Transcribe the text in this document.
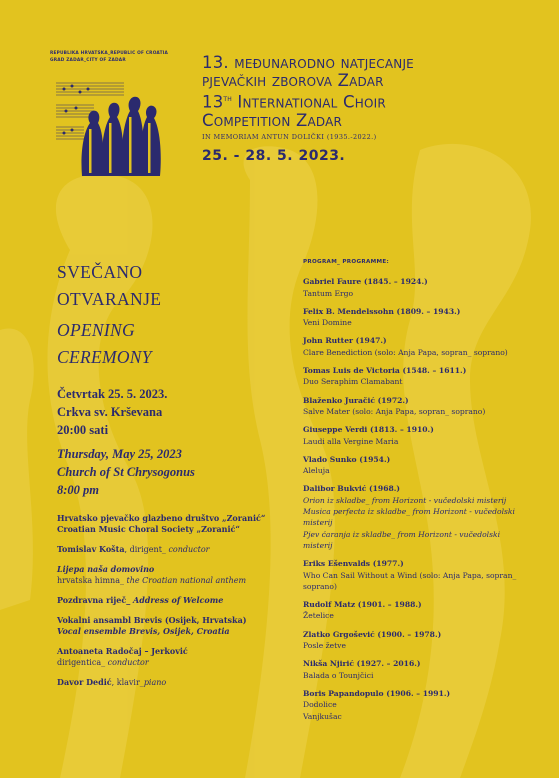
REPUBLIKA HRVATSKA_REPUBLIC OF CROATIA
GRAD ZADAR_CITY OF ZADAR	13. međunarodno natjecanje
pjevačkih zborova Zadar
13th International Choir
Competition Zadar
IN MEMORIAM ANTUN DOLIČKI (1935.-2022.)
25. - 28. 5. 2023.
SVEČANO
OTVARANJE
OPENING
CEREMONY
Četvrtak 25. 5. 2023.
Crkva sv. Krševana
20:00 sati
Thursday, May 25, 2023
Church of St Chrysogonus
8:00 pm
Hrvatsko pjevačko glazbeno društvo „Zoranić“
Croatian Music Choral Society „Zoranić“
Tomislav Košta, dirigent_ conductor
Lijepa naša domovino
hrvatska himna_ the Croatian national anthem
Pozdravna riječ_ Address of Welcome
Vokalni ansambl Brevis (Osijek, Hrvatska)
Vocal ensemble Brevis, Osijek, Croatia
Antoaneta Radočaj – Jerković
dirigentica_ conductor
Davor Dedić, klavir_piano
PROGRAM_ PROGRAMME:
Gabriel Faure (1845. – 1924.)
Tantum Ergo
Felix B. Mendelssohn (1809. – 1943.)
Veni Domine
John Rutter (1947.)
Clare Benediction (solo: Anja Papa, sopran_ soprano)
Tomas Luis de Victoria (1548. – 1611.)
Duo Seraphim Clamabant
Blaženko Juračić (1972.)
Salve Mater (solo: Anja Papa, sopran_ soprano)
Giuseppe Verdi (1813. – 1910.)
Laudi alla Vergine Maria
Vlado Sunko (1954.)
Aleluja
Dalibor Bukvić (1968.)
Orion iz skladbe_ from Horizont - vučedolski misterij
Musica perfecta iz skladbe_ from Horizont - vučedolski misterij
Pjev ćaranja iz skladbe_ from Horizont - vučedolski misterij
Eriks Ešenvalds (1977.)
Who Can Sail Without a Wind (solo: Anja Papa, sopran_ soprano)
Rudolf Matz (1901. – 1988.)
Žetelice
Zlatko Grgošević (1900. – 1978.)
Posle žetve
Nikša Njirić (1927. – 2016.)
Balada o Tounjčici
Boris Papandopulo (1906. – 1991.)
Dodolice
Vanjkušac
